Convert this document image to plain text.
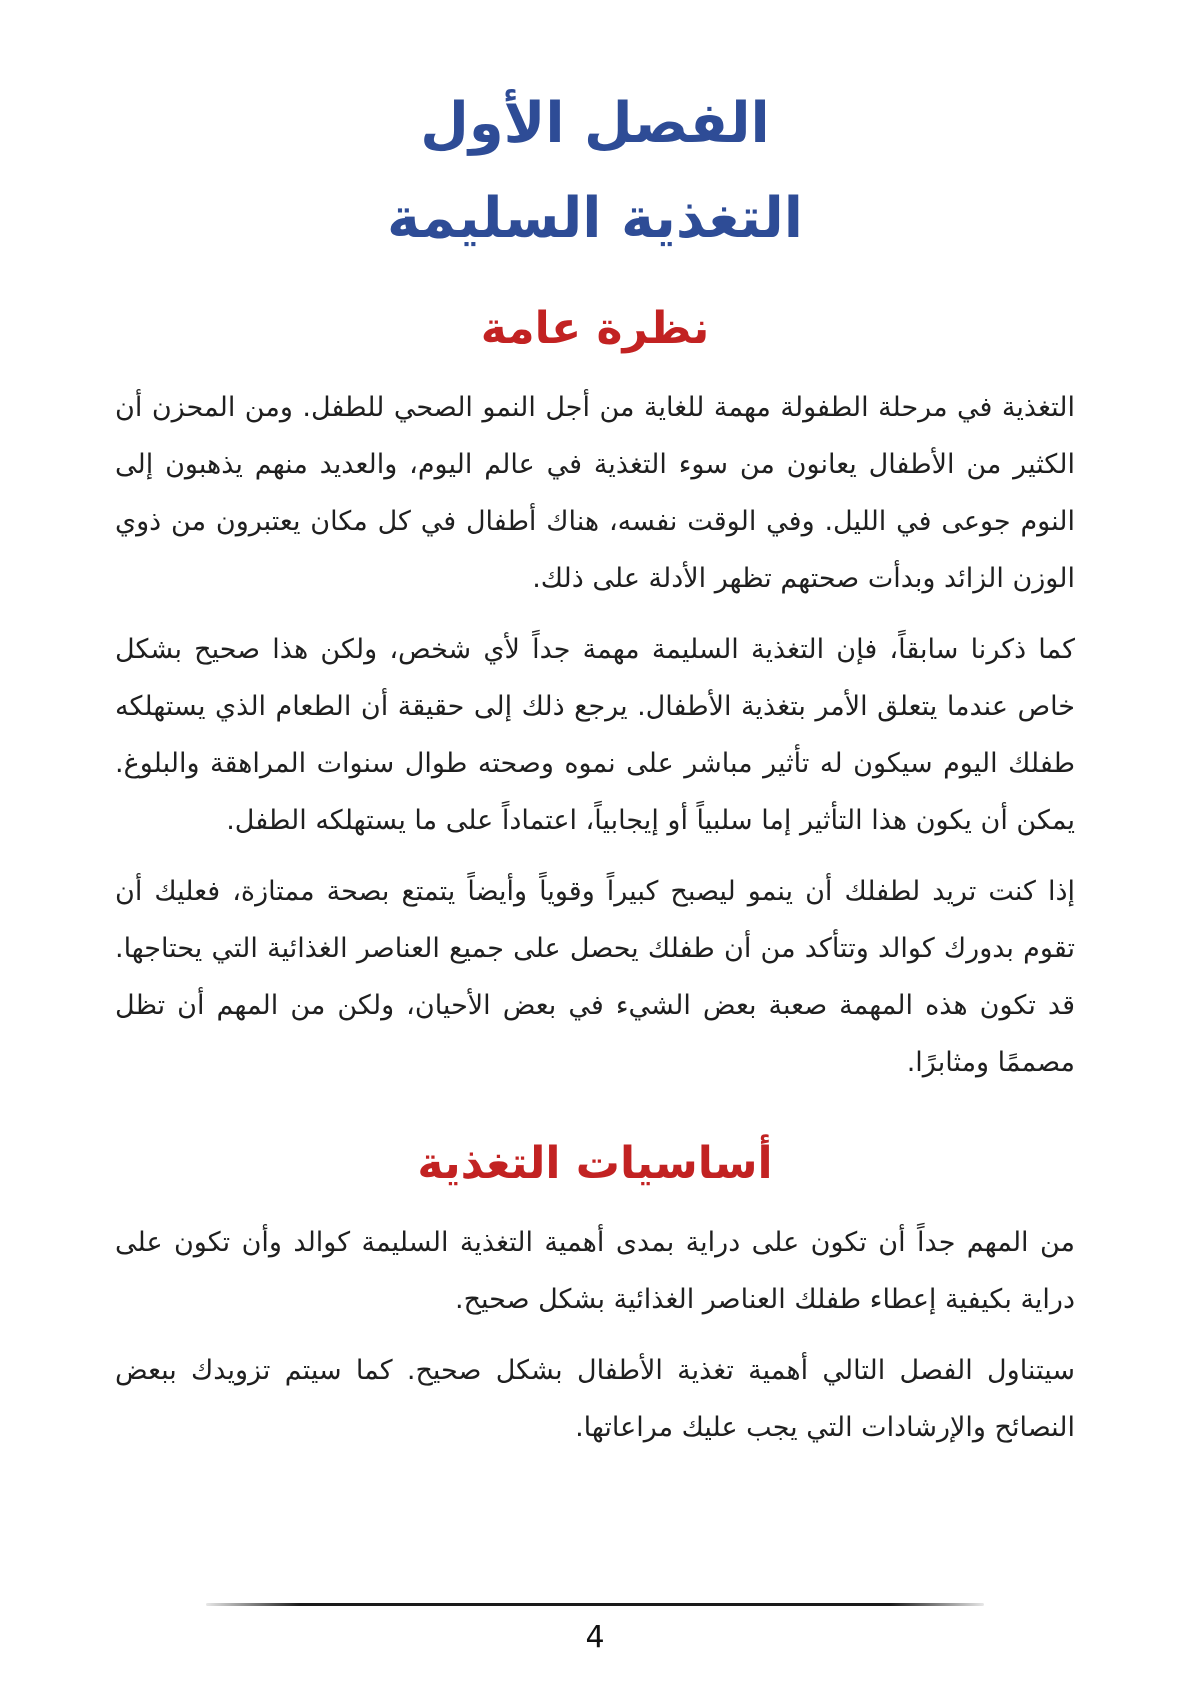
الفصل الأول
التغذية السليمة
نظرة عامة

التغذية في مرحلة الطفولة مهمة للغاية من أجل النمو الصحي للطفل. ومن المحزن أن الكثير من الأطفال يعانون من سوء التغذية في عالم اليوم، والعديد منهم يذهبون إلى النوم جوعى في الليل. وفي الوقت نفسه، هناك أطفال في كل مكان يعتبرون من ذوي الوزن الزائد وبدأت صحتهم تظهر الأدلة على ذلك.

كما ذكرنا سابقاً، فإن التغذية السليمة مهمة جداً لأي شخص، ولكن هذا صحيح بشكل خاص عندما يتعلق الأمر بتغذية الأطفال. يرجع ذلك إلى حقيقة أن الطعام الذي يستهلكه طفلك اليوم سيكون له تأثير مباشر على نموه وصحته طوال سنوات المراهقة والبلوغ. يمكن أن يكون هذا التأثير إما سلبياً أو إيجابياً، اعتماداً على ما يستهلكه الطفل.

إذا كنت تريد لطفلك أن ينمو ليصبح كبيراً وقوياً وأيضاً يتمتع بصحة ممتازة، فعليك أن تقوم بدورك كوالد وتتأكد من أن طفلك يحصل على جميع العناصر الغذائية التي يحتاجها. قد تكون هذه المهمة صعبة بعض الشيء في بعض الأحيان، ولكن من المهم أن تظل مصممًا ومثابرًا.

أساسيات التغذية

من المهم جداً أن تكون على دراية بمدى أهمية التغذية السليمة كوالد وأن تكون على دراية بكيفية إعطاء طفلك العناصر الغذائية بشكل صحيح.

سيتناول الفصل التالي أهمية تغذية الأطفال بشكل صحيح. كما سيتم تزويدك ببعض النصائح والإرشادات التي يجب عليك مراعاتها.

4
